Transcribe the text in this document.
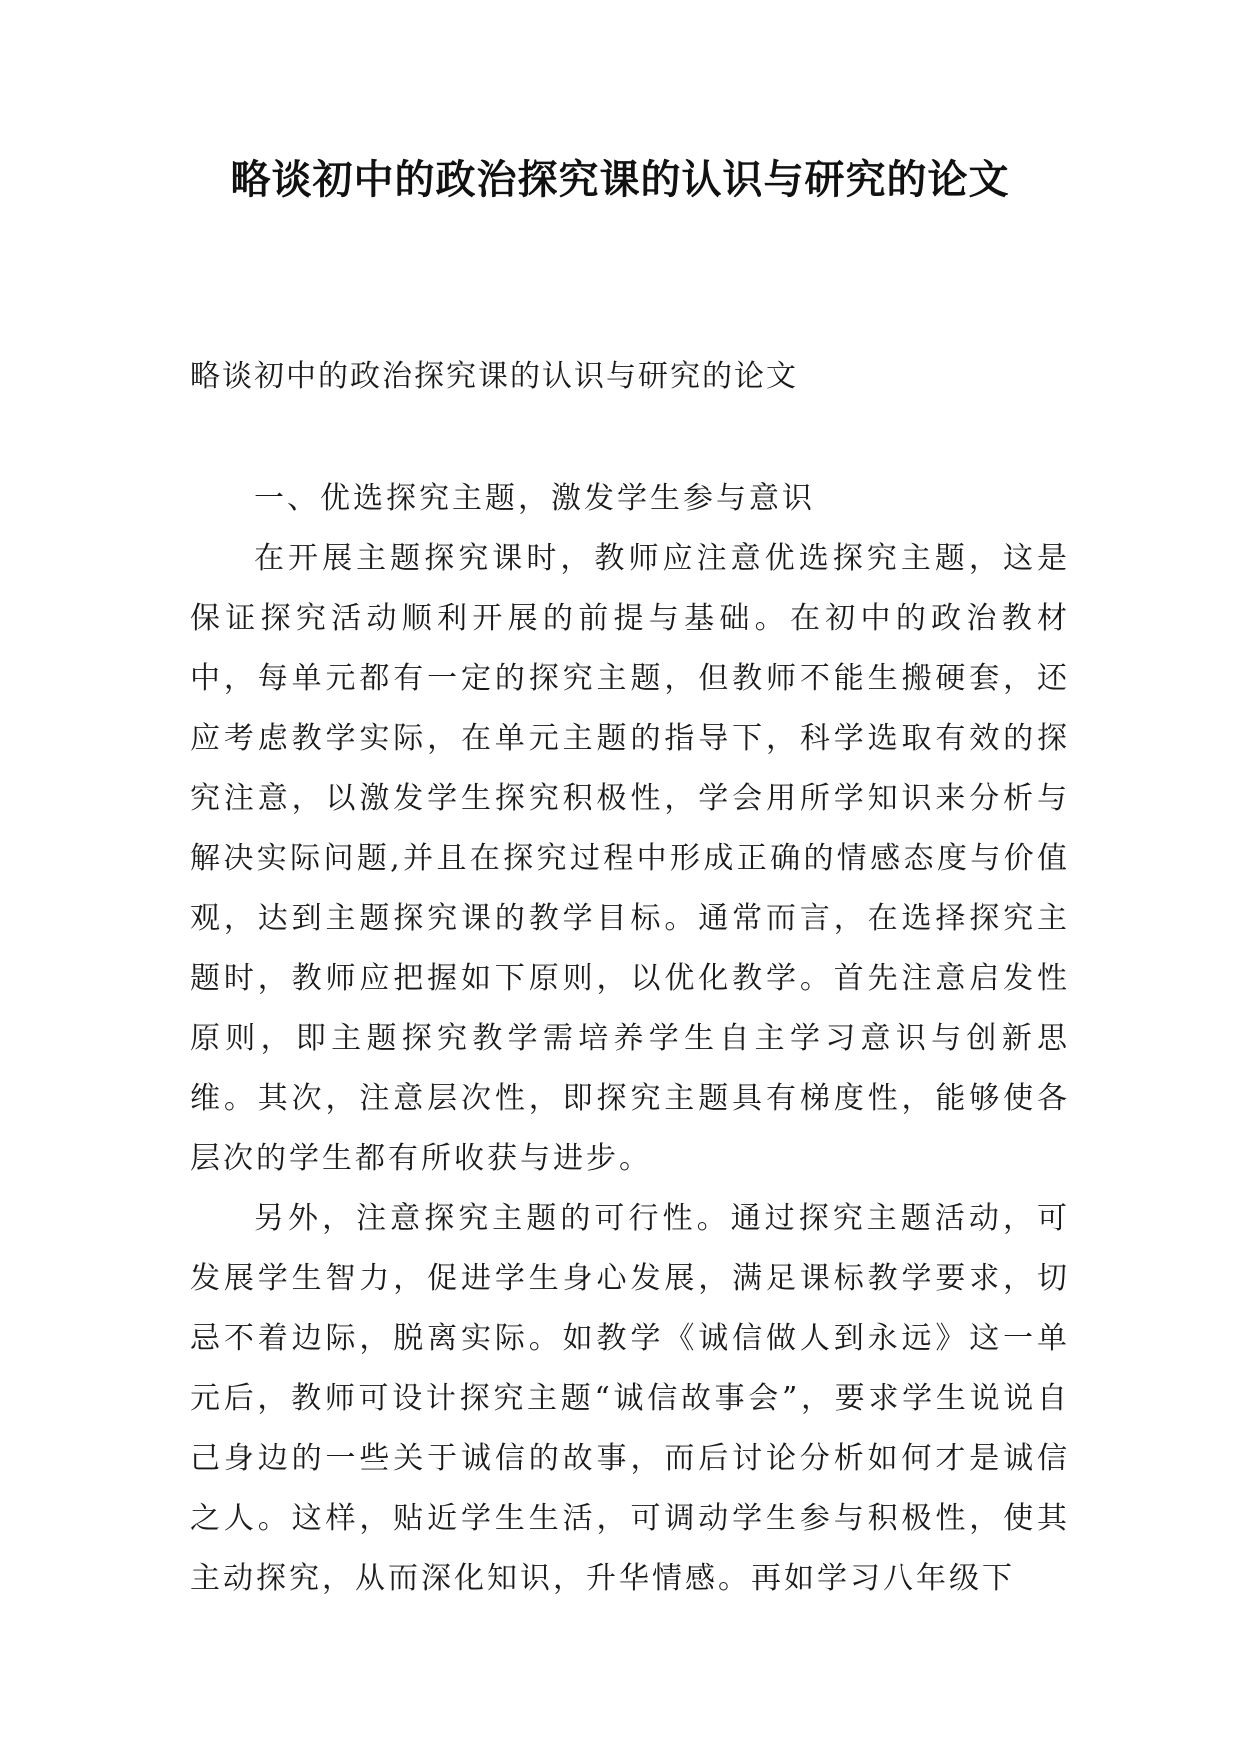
略谈初中的政治探究课的认识与研究的论文
略谈初中的政治探究课的认识与研究的论文

一、优选探究主题，激发学生参与意识

在开展主题探究课时，教师应注意优选探究主题，这是保证探究活动顺利开展的前提与基础。在初中的政治教材中，每单元都有一定的探究主题，但教师不能生搬硬套，还应考虑教学实际，在单元主题的指导下，科学选取有效的探究注意，以激发学生探究积极性，学会用所学知识来分析与解决实际问题,并且在探究过程中形成正确的情感态度与价值观，达到主题探究课的教学目标。通常而言，在选择探究主题时，教师应把握如下原则，以优化教学。首先注意启发性原则，即主题探究教学需培养学生自主学习意识与创新思维。其次，注意层次性，即探究主题具有梯度性，能够使各层次的学生都有所收获与进步。

另外，注意探究主题的可行性。通过探究主题活动，可发展学生智力，促进学生身心发展，满足课标教学要求，切忌不着边际，脱离实际。如教学《诚信做人到永远》这一单元后，教师可设计探究主题“诚信故事会”，要求学生说说自己身边的一些关于诚信的故事，而后讨论分析如何才是诚信之人。这样，贴近学生生活，可调动学生参与积极性，使其主动探究，从而深化知识，升华情感。再如学习八年级下
